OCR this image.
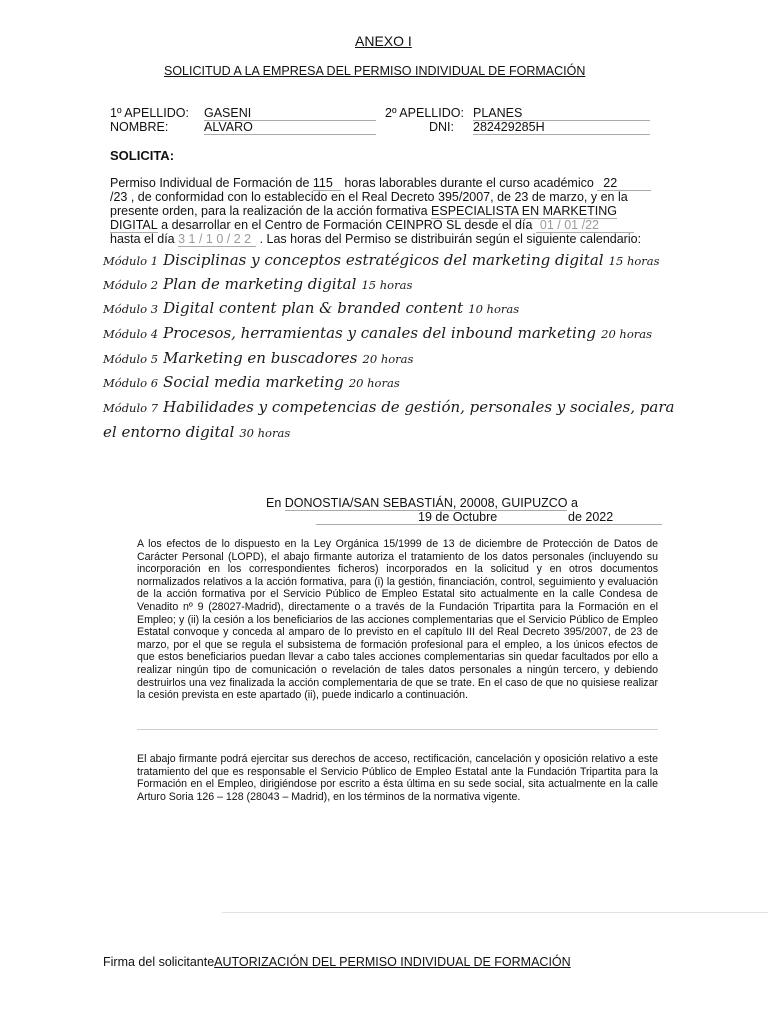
ANEXO I
SOLICITUD A LA EMPRESA DEL PERMISO INDIVIDUAL DE FORMACIÓN
1º APELLIDO: GASENI	2º APELLIDO: PLANES
NOMBRE:	ALVARO	DNI: 282429285H
SOLICITA:
Permiso Individual de Formación de 115 horas laborables durante el curso académico 22
/23 , de conformidad con lo establecido en el Real Decreto 395/2007, de 23 de marzo, y en la
presente orden, para la realización de la acción formativa ESPECIALISTA EN MARKETING
DIGITAL a desarrollar en el Centro de Formación CEINPRO SL desde el día 01 / 01 /22
hasta el día 3 1 / 1 0 / 2 2 . Las horas del Permiso se distribuirán según el siguiente calendario:
Módulo 1 Disciplinas y conceptos estratégicos del marketing digital 15 horas
Módulo 2 Plan de marketing digital 15 horas
Módulo 3 Digital content plan & branded content 10 horas
Módulo 4 Procesos, herramientas y canales del inbound marketing 20 horas
Módulo 5 Marketing en buscadores 20 horas
Módulo 6 Social media marketing 20 horas
Módulo 7 Habilidades y competencias de gestión, personales y sociales, para
el entorno digital 30 horas
En DONOSTIA/SAN SEBASTIÁN, 20008, GUIPUZCO a
19 de Octubre	de 2022
A los efectos de lo dispuesto en la Ley Orgánica 15/1999 de 13 de diciembre de Protección de Datos de Carácter Personal (LOPD), el abajo firmante autoriza el tratamiento de los datos personales (incluyendo su incorporación en los correspondientes ficheros) incorporados en la solicitud y en otros documentos normalizados relativos a la acción formativa, para (i) la gestión, financiación, control, seguimiento y evaluación de la acción formativa por el Servicio Público de Empleo Estatal sito actualmente en la calle Condesa de Venadito nº 9 (28027-Madrid), directamente o a través de la Fundación Tripartita para la Formación en el Empleo; y (ii) la cesión a los beneficiarios de las acciones complementarias que el Servicio Público de Empleo Estatal convoque y conceda al amparo de lo previsto en el capítulo III del Real Decreto 395/2007, de 23 de marzo, por el que se regula el subsistema de formación profesional para el empleo, a los únicos efectos de que estos beneficiarios puedan llevar a cabo tales acciones complementarias sin quedar facultados por ello a realizar ningún tipo de comunicación o revelación de tales datos personales a ningún tercero, y debiendo destruirlos una vez finalizada la acción complementaria de que se trate. En el caso de que no quisiese realizar la cesión prevista en este apartado (ii), puede indicarlo a continuación.
El abajo firmante podrá ejercitar sus derechos de acceso, rectificación, cancelación y oposición relativo a este tratamiento del que es responsable el Servicio Público de Empleo Estatal ante la Fundación Tripartita para la Formación en el Empleo, dirigiéndose por escrito a ésta última en su sede social, sita actualmente en la calle Arturo Soria 126 – 128 (28043 – Madrid), en los términos de la normativa vigente.
Firma del solicitanteAUTORIZACIÓN DEL PERMISO INDIVIDUAL DE FORMACIÓN
